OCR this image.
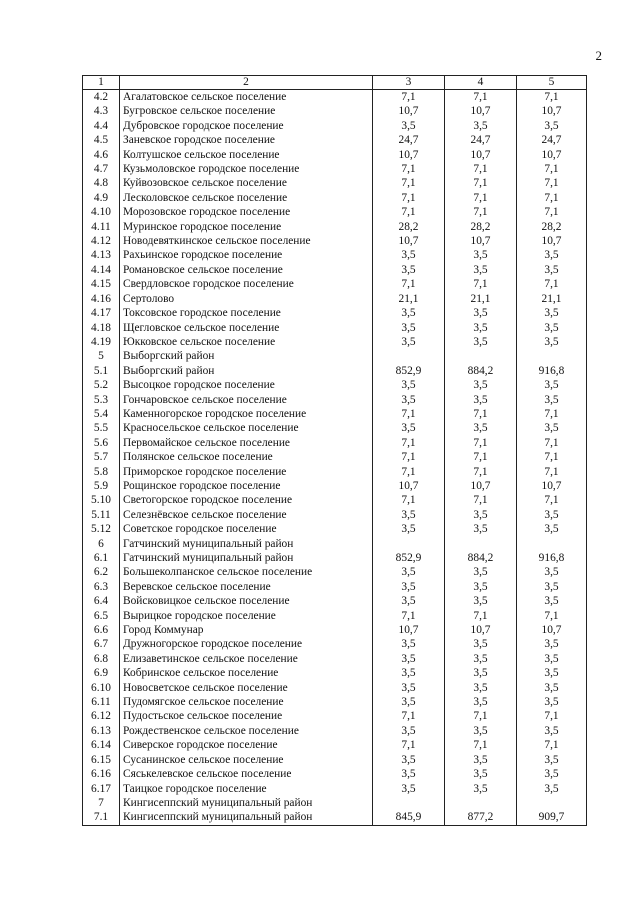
2
1	2	3	4	5
4.2	Агалатовское сельское поселение	7,1	7,1	7,1
4.3	Бугровское сельское поселение	10,7	10,7	10,7
4.4	Дубровское городское поселение	3,5	3,5	3,5
4.5	Заневское городское поселение	24,7	24,7	24,7
4.6	Колтушское сельское поселение	10,7	10,7	10,7
4.7	Кузьмоловское городское поселение	7,1	7,1	7,1
4.8	Куйвозовское сельское поселение	7,1	7,1	7,1
4.9	Лесколовское сельское поселение	7,1	7,1	7,1
4.10	Морозовское городское поселение	7,1	7,1	7,1
4.11	Муринское городское поселение	28,2	28,2	28,2
4.12	Новодевяткинское сельское поселение	10,7	10,7	10,7
4.13	Рахьинское городское поселение	3,5	3,5	3,5
4.14	Романовское сельское поселение	3,5	3,5	3,5
4.15	Свердловское городское поселение	7,1	7,1	7,1
4.16	Сертолово	21,1	21,1	21,1
4.17	Токсовское городское поселение	3,5	3,5	3,5
4.18	Щегловское сельское поселение	3,5	3,5	3,5
4.19	Юкковское сельское поселение	3,5	3,5	3,5
5	Выборгский район			
5.1	Выборгский район	852,9	884,2	916,8
5.2	Высоцкое городское поселение	3,5	3,5	3,5
5.3	Гончаровское сельское поселение	3,5	3,5	3,5
5.4	Каменногорское городское поселение	7,1	7,1	7,1
5.5	Красносельское сельское поселение	3,5	3,5	3,5
5.6	Первомайское сельское поселение	7,1	7,1	7,1
5.7	Полянское сельское поселение	7,1	7,1	7,1
5.8	Приморское городское поселение	7,1	7,1	7,1
5.9	Рощинское городское поселение	10,7	10,7	10,7
5.10	Светогорское городское поселение	7,1	7,1	7,1
5.11	Селезнёвское сельское поселение	3,5	3,5	3,5
5.12	Советское городское поселение	3,5	3,5	3,5
6	Гатчинский муниципальный район			
6.1	Гатчинский муниципальный район	852,9	884,2	916,8
6.2	Большеколпанское сельское поселение	3,5	3,5	3,5
6.3	Веревское сельское поселение	3,5	3,5	3,5
6.4	Войсковицкое сельское поселение	3,5	3,5	3,5
6.5	Вырицкое городское поселение	7,1	7,1	7,1
6.6	Город Коммунар	10,7	10,7	10,7
6.7	Дружногорское городское поселение	3,5	3,5	3,5
6.8	Елизаветинское сельское поселение	3,5	3,5	3,5
6.9	Кобринское сельское поселение	3,5	3,5	3,5
6.10	Новосветское сельское поселение	3,5	3,5	3,5
6.11	Пудомягское сельское поселение	3,5	3,5	3,5
6.12	Пудостьское сельское поселение	7,1	7,1	7,1
6.13	Рождественское сельское поселение	3,5	3,5	3,5
6.14	Сиверское городское поселение	7,1	7,1	7,1
6.15	Сусанинское сельское поселение	3,5	3,5	3,5
6.16	Сяськелевское сельское поселение	3,5	3,5	3,5
6.17	Таицкое городское поселение	3,5	3,5	3,5
7	Кингисеппский муниципальный район			
7.1	Кингисеппский муниципальный район	845,9	877,2	909,7
